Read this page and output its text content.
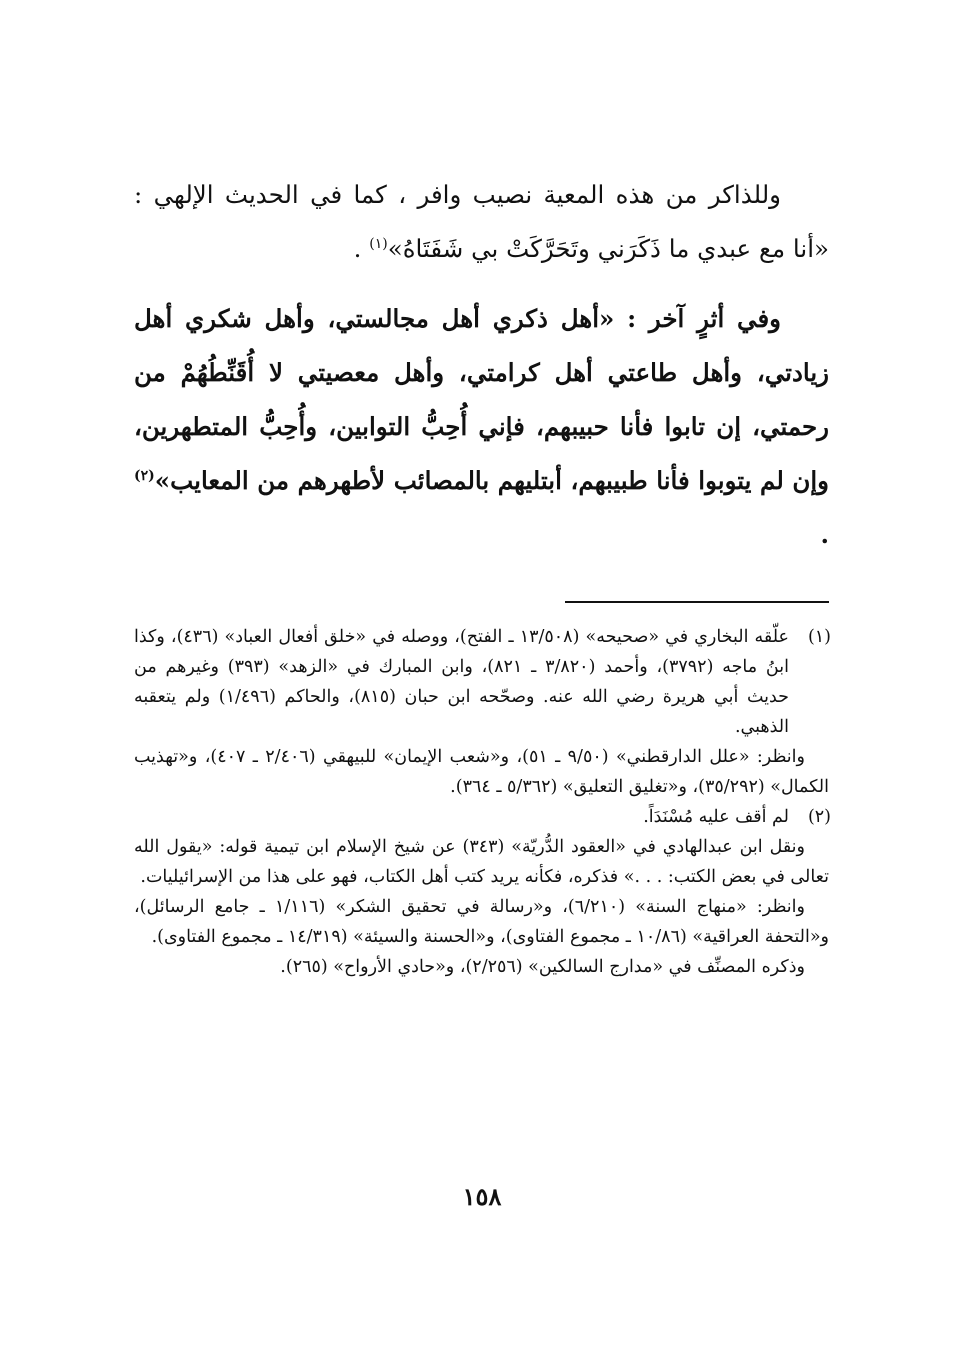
وللذاكر من هذه المعية نصيب وافر ، كما في الحديث الإلهي : «أنا مع عبدي ما ذَكَرَني وتَحَرَّكَتْ بي شَفَتَاهُ»$^{(١)}$ .

وفي أثرٍ آخر : «أهل ذكري أهل مجالستي، وأهل شكري أهل زيادتي، وأهل طاعتي أهل كرامتي، وأهل معصيتي لا أُقَنِّطُهُمْ من رحمتي، إن تابوا فأنا حبيبهم، فإني أُحِبُّ التوابين، وأُحِبُّ المتطهرين، وإن لم يتوبوا فأنا طبيبهم، أبتليهم بالمصائب لأطهرهم من المعايب»$^{(٢)}$ .

(١)

علّقه البخاري في «صحيحه» (١٣/٥٠٨ ـ الفتح)، ووصله في «خلق أفعال العباد» (٤٣٦)، وكذا ابنُ ماجه (٣٧٩٢)، وأحمد (٣/٨٢٠ ـ ٨٢١)، وابن المبارك في «الزهد» (٣٩٣) وغيرهم من حديث أبي هريرة رضي الله عنه. وصحّحه ابن حبان (٨١٥)، والحاكم (١/٤٩٦) ولم يتعقبه الذهبي.

وانظر: «علل الدارقطني» (٩/٥٠ ـ ٥١)، و«شعب الإيمان» للبيهقي (٢/٤٠٦ ـ ٤٠٧)، و«تهذيب الكمال» (٣٥/٢٩٢)، و«تغليق التعليق» (٥/٣٦٢ ـ ٣٦٤).

(٢)

لم أقف عليه مُسْنَدَاً.

ونقل ابن عبدالهادي في «العقود الدُّريّة» (٣٤٣) عن شيخ الإسلام ابن تيمية قوله: «يقول الله تعالى في بعض الكتب: . . .» فذكره، فكأنه يريد كتب أهل الكتاب، فهو على هذا من الإسرائيليات.

وانظر: «منهاج السنة» (٦/٢١٠)، و«رسالة في تحقيق الشكر» (١/١١٦ ـ جامع الرسائل)، و«التحفة العراقية» (١٠/٨٦ ـ مجموع الفتاوى)، و«الحسنة والسيئة» (١٤/٣١٩ ـ مجموع الفتاوى).

وذكره المصنِّف في «مدارج السالكين» (٢/٢٥٦)، و«حادي الأرواح» (٢٦٥).

١٥٨
